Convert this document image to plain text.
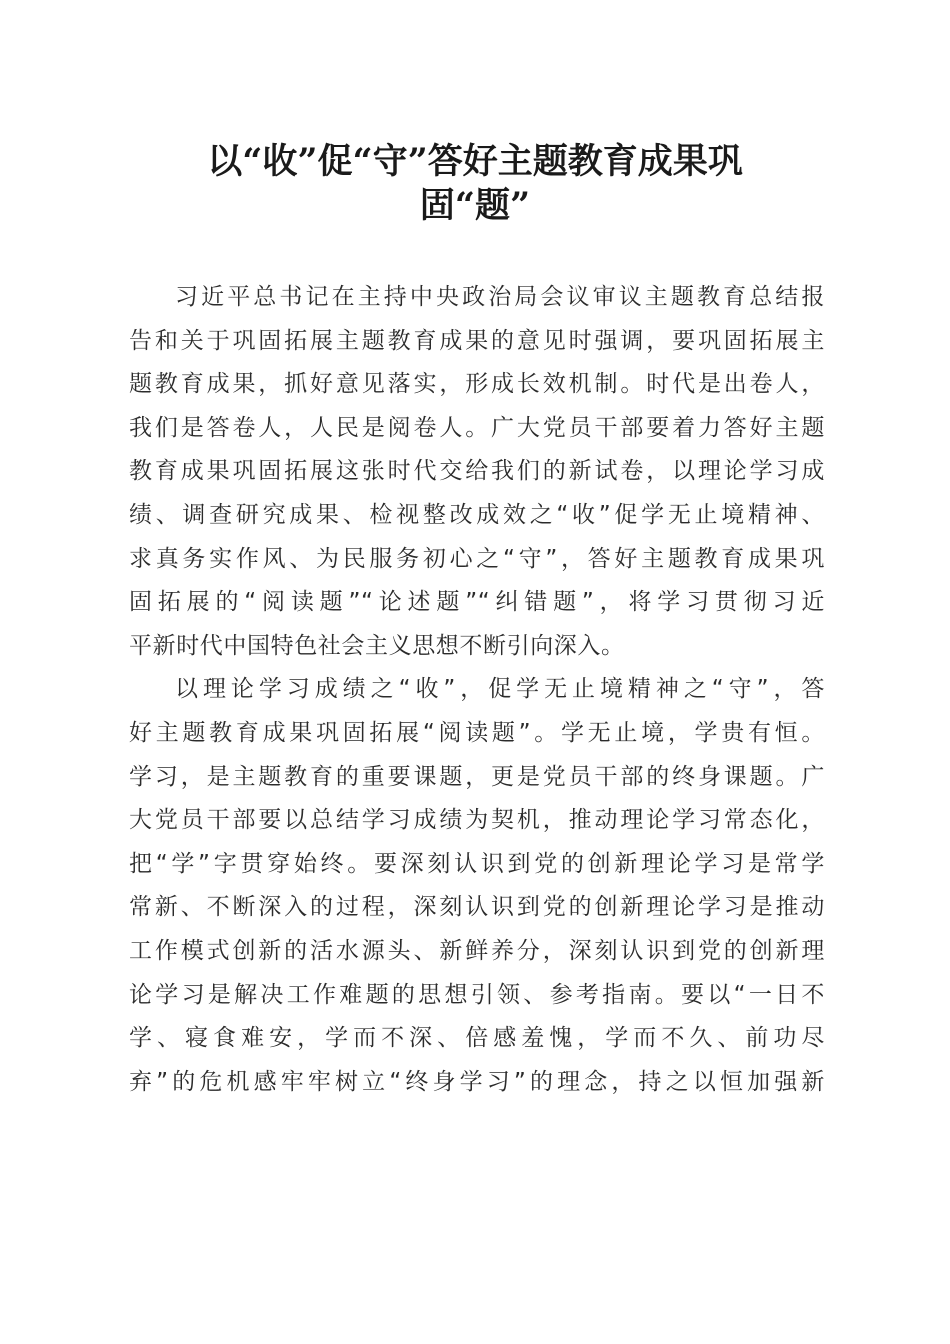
以“收”促“守”答好主题教育成果巩
固“题”
习近平总书记在主持中央政治局会议审议主题教育总结报
告和关于巩固拓展主题教育成果的意见时强调，要巩固拓展主
题教育成果，抓好意见落实，形成长效机制。时代是出卷人，
我们是答卷人，人民是阅卷人。广大党员干部要着力答好主题
教育成果巩固拓展这张时代交给我们的新试卷，以理论学习成
绩、调查研究成果、检视整改成效之“收”促学无止境精神、
求真务实作风、为民服务初心之“守”，答好主题教育成果巩
固拓展的“阅读题”“论述题”“纠错题”，将学习贯彻习近
平新时代中国特色社会主义思想不断引向深入。
以理论学习成绩之“收”，促学无止境精神之“守”，答
好主题教育成果巩固拓展“阅读题”。学无止境，学贵有恒。
学习，是主题教育的重要课题，更是党员干部的终身课题。广
大党员干部要以总结学习成绩为契机，推动理论学习常态化，
把“学”字贯穿始终。要深刻认识到党的创新理论学习是常学
常新、不断深入的过程，深刻认识到党的创新理论学习是推动
工作模式创新的活水源头、新鲜养分，深刻认识到党的创新理
论学习是解决工作难题的思想引领、参考指南。要以“一日不
学、寝食难安，学而不深、倍感羞愧，学而不久、前功尽
弃”的危机感牢牢树立“终身学习”的理念，持之以恒加强新
